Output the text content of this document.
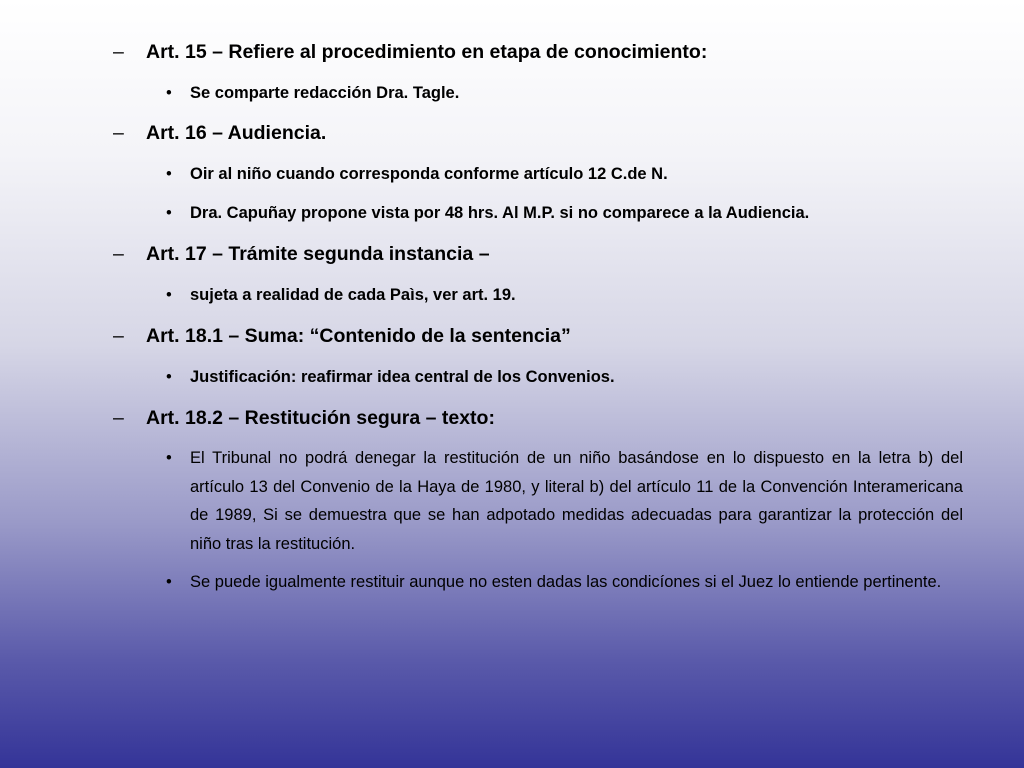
– Art. 15 – Refiere al procedimiento en etapa de conocimiento:
• Se comparte redacción Dra. Tagle.
– Art. 16 – Audiencia.
• Oir al niño cuando corresponda conforme artículo 12 C.de N.
• Dra. Capuñay propone vista por 48 hrs. Al M.P. si no comparece a la Audiencia.
– Art. 17 – Trámite segunda instancia –
• sujeta a realidad de cada Paìs, ver art. 19.
– Art. 18.1 – Suma: “Contenido de la sentencia”
• Justificación: reafirmar idea central de los Convenios.
– Art. 18.2 – Restitución segura – texto:
• El Tribunal no podrá denegar la restitución de un niño basándose en lo dispuesto en la letra b) del artículo 13 del Convenio de la Haya de 1980, y literal b) del artículo 11 de la Convención Interamericana de 1989, Si se demuestra que se han adpotado medidas adecuadas para garantizar la protección del niño tras la restitución.
• Se puede igualmente restituir aunque no esten dadas las condicíones si el Juez lo entiende pertinente.
